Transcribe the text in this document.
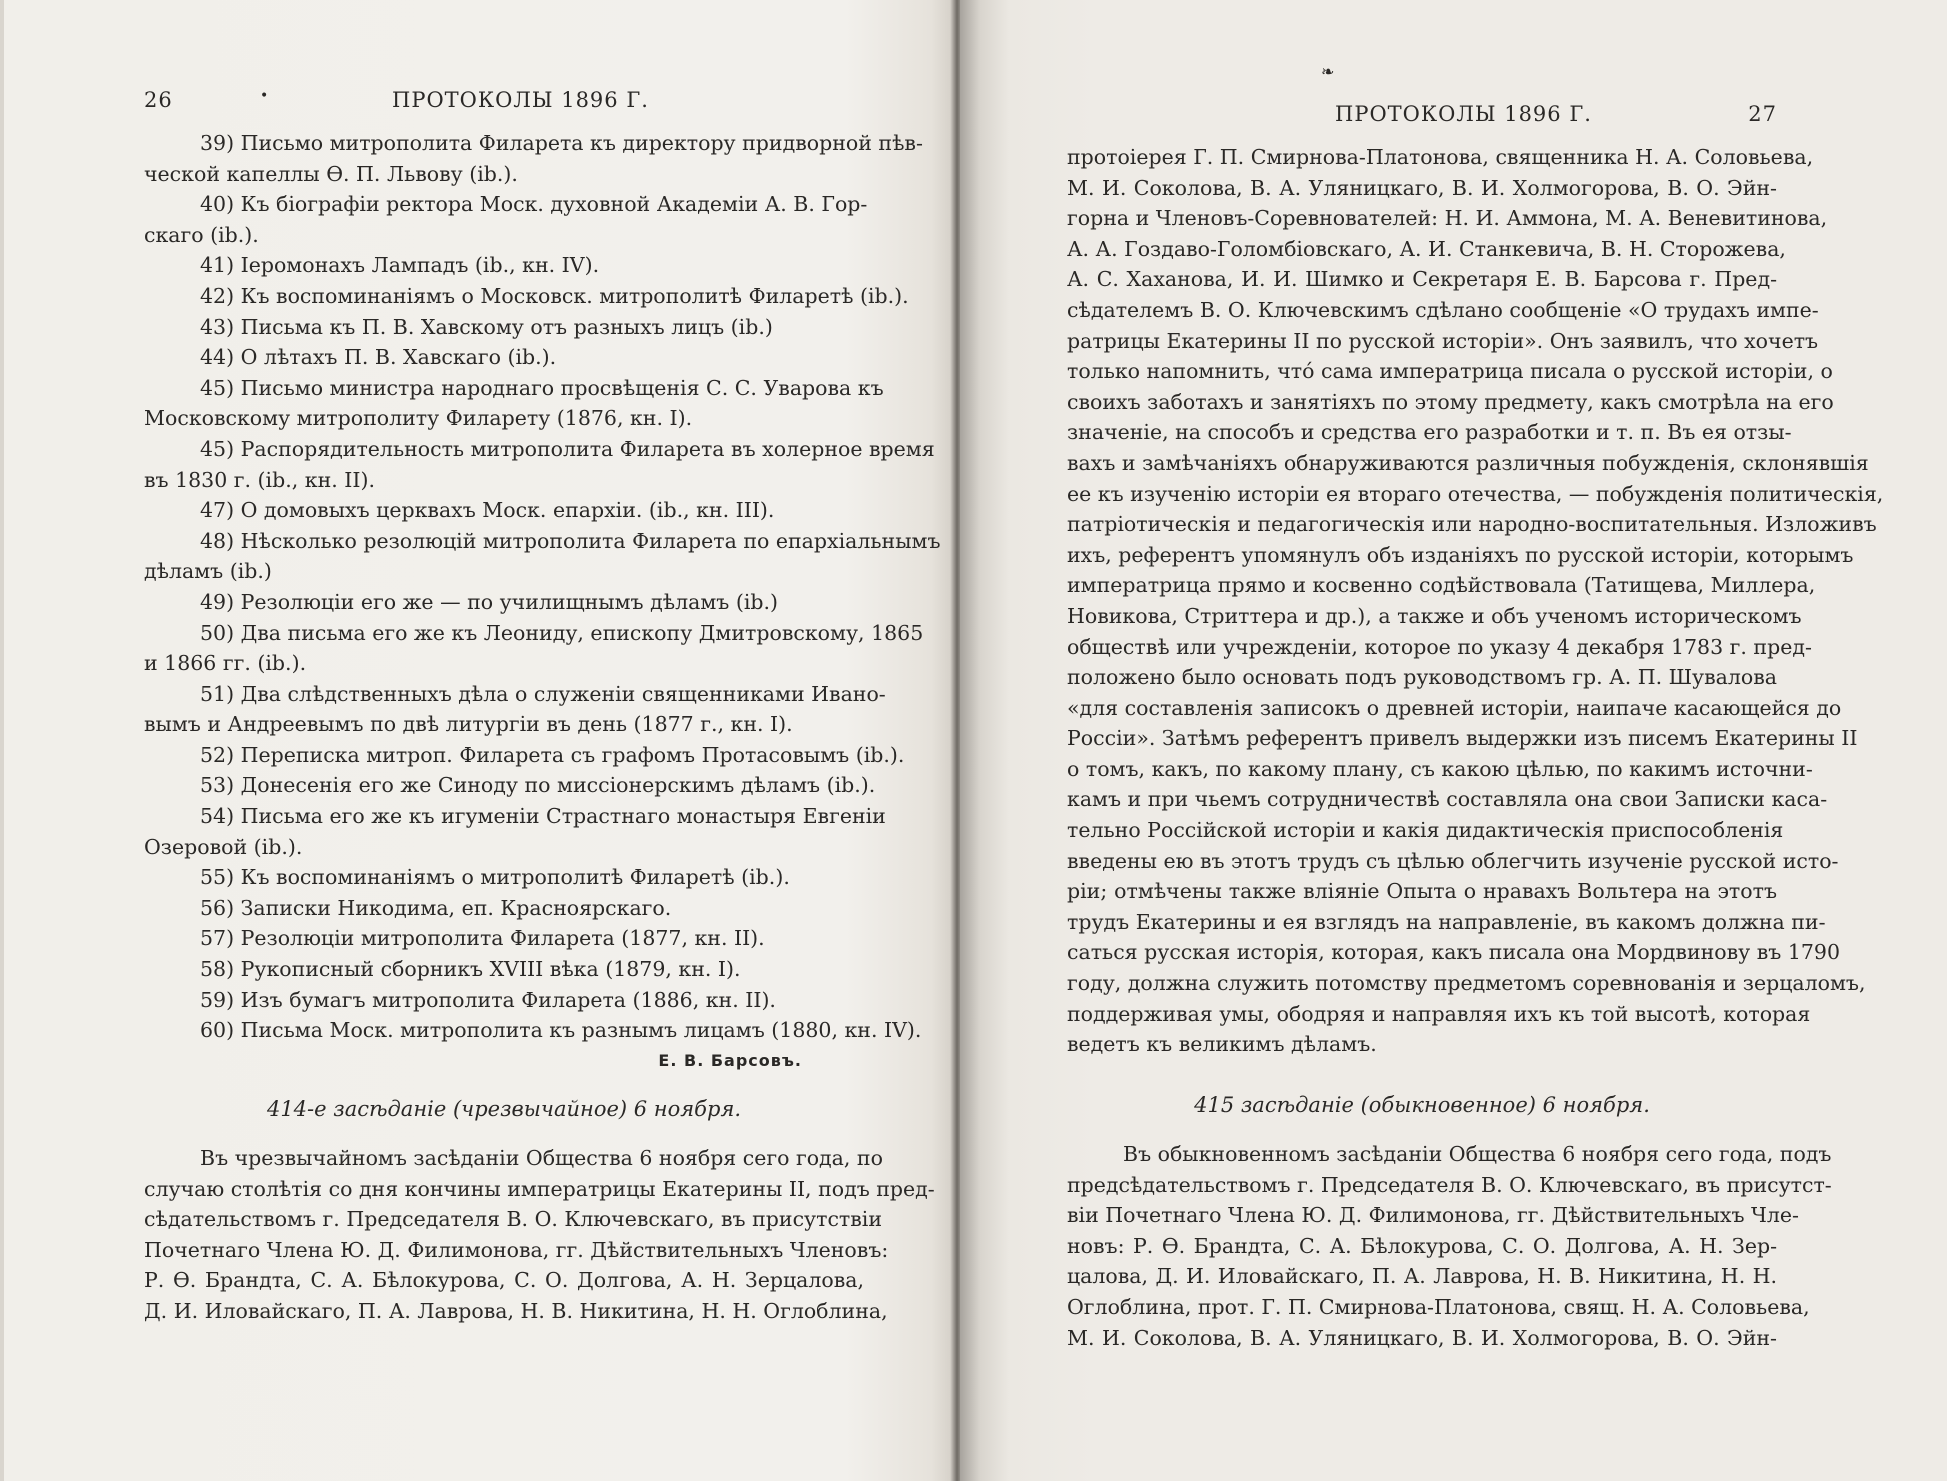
26	•	ПРОТОКОЛЫ 1896 Г.
39) Письмо митрополита Филарета къ директору придворной пѣв-
ческой капеллы Ѳ. П. Львову (ib.).
40) Къ біографіи ректора Моск. духовной Академіи А. В. Гор-
скаго (ib.).
41) Іеромонахъ Лампадъ (ib., кн. IV).
42) Къ воспоминаніямъ о Московск. митрополитѣ Филаретѣ (ib.).
43) Письма къ П. В. Хавскому отъ разныхъ лицъ (ib.)
44) О лѣтахъ П. В. Хавскаго (ib.).
45) Письмо министра народнаго просвѣщенія С. С. Уварова къ
Московскому митрополиту Филарету (1876, кн. I).
45) Распорядительность митрополита Филарета въ холерное время
въ 1830 г. (ib., кн. II).
47) О домовыхъ церквахъ Моск. епархіи. (ib., кн. III).
48) Нѣсколько резолюцій митрополита Филарета по епархіальнымъ
дѣламъ (ib.)
49) Резолюціи его же — по училищнымъ дѣламъ (ib.)
50) Два письма его же къ Леониду, епископу Дмитровскому, 1865
и 1866 гг. (ib.).
51) Два слѣдственныхъ дѣла о служеніи священниками Ивано-
вымъ и Андреевымъ по двѣ литургіи въ день (1877 г., кн. I).
52) Переписка митроп. Филарета съ графомъ Протасовымъ (ib.).
53) Донесенія его же Синоду по миссіонерскимъ дѣламъ (ib.).
54) Письма его же къ игуменіи Страстнаго монастыря Евгеніи
Озеровой (ib.).
55) Къ воспоминаніямъ о митрополитѣ Филаретѣ (ib.).
56) Записки Никодима, еп. Красноярскаго.
57) Резолюціи митрополита Филарета (1877, кн. II).
58) Рукописный сборникъ XVIII вѣка (1879, кн. I).
59) Изъ бумагъ митрополита Филарета (1886, кн. II).
60) Письма Моск. митрополита къ разнымъ лицамъ (1880, кн. IV).
Е. В. Барсовъ.
414-е засѣданіе (чрезвычайное) 6 ноября.
Въ чрезвычайномъ засѣданіи Общества 6 ноября сего года, по
случаю столѣтія со дня кончины императрицы Екатерины II, подъ пред-
сѣдательствомъ г. Председателя В. О. Ключевскаго, въ присутствіи
Почетнаго Члена Ю. Д. Филимонова, гг. Дѣйствительныхъ Членовъ:
Р. Ѳ. Брандта, С. А. Бѣлокурова, С. О. Долгова, А. Н. Зерцалова,
Д. И. Иловайскаго, П. А. Лаврова, Н. В. Никитина, Н. Н. Оглоблина,
❧
ПРОТОКОЛЫ 1896 Г.	27
протоіерея Г. П. Смирнова-Платонова, священника Н. А. Соловьева,
М. И. Соколова, В. А. Уляницкаго, В. И. Холмогорова, В. О. Эйн-
горна и Членовъ-Соревнователей: Н. И. Аммона, М. А. Веневитинова,
А. А. Гоздаво-Голомбіовскаго, А. И. Станкевича, В. Н. Сторожева,
А. С. Хаханова, И. И. Шимко и Секретаря Е. В. Барсова г. Пред-
сѣдателемъ В. О. Ключевскимъ сдѣлано сообщеніе «О трудахъ импе-
ратрицы Екатерины II по русской исторіи». Онъ заявилъ, что хочетъ
только напомнить, что́ сама императрица писала о русской исторіи, о
своихъ заботахъ и занятіяхъ по этому предмету, какъ смотрѣла на его
значеніе, на способъ и средства его разработки и т. п. Въ ея отзы-
вахъ и замѣчаніяхъ обнаруживаются различныя побужденія, склонявшія
ее къ изученію исторіи ея втораго отечества, — побужденія политическія,
патріотическія и педагогическія или народно-воспитательныя. Изложивъ
ихъ, референтъ упомянулъ объ изданіяхъ по русской исторіи, которымъ
императрица прямо и косвенно содѣйствовала (Татищева, Миллера,
Новикова, Стриттера и др.), а также и объ ученомъ историческомъ
обществѣ или учрежденіи, которое по указу 4 декабря 1783 г. пред-
положено было основать подъ руководствомъ гр. А. П. Шувалова
«для составленія записокъ о древней исторіи, наипаче касающейся до
Россіи». Затѣмъ референтъ привелъ выдержки изъ писемъ Екатерины II
о томъ, какъ, по какому плану, съ какою цѣлью, по какимъ источни-
камъ и при чьемъ сотрудничествѣ составляла она свои Записки каса-
тельно Россійской исторіи и какія дидактическія приспособленія
введены ею въ этотъ трудъ съ цѣлью облегчить изученіе русской исто-
ріи; отмѣчены также вліяніе Опыта о нравахъ Вольтера на этотъ
трудъ Екатерины и ея взглядъ на направленіе, въ какомъ должна пи-
саться русская исторія, которая, какъ писала она Мордвинову въ 1790
году, должна служить потомству предметомъ соревнованія и зерцаломъ,
поддерживая умы, ободряя и направляя ихъ къ той высотѣ, которая
ведетъ къ великимъ дѣламъ.
415 засѣданіе (обыкновенное) 6 ноября.
Въ обыкновенномъ засѣданіи Общества 6 ноября сего года, подъ
предсѣдательствомъ г. Председателя В. О. Ключевскаго, въ присутст-
віи Почетнаго Члена Ю. Д. Филимонова, гг. Дѣйствительныхъ Чле-
новъ: Р. Ѳ. Брандта, С. А. Бѣлокурова, С. О. Долгова, А. Н. Зер-
цалова, Д. И. Иловайскаго, П. А. Лаврова, Н. В. Никитина, Н. Н.
Оглоблина, прот. Г. П. Смирнова-Платонова, свящ. Н. А. Соловьева,
М. И. Соколова, В. А. Уляницкаго, В. И. Холмогорова, В. О. Эйн-
